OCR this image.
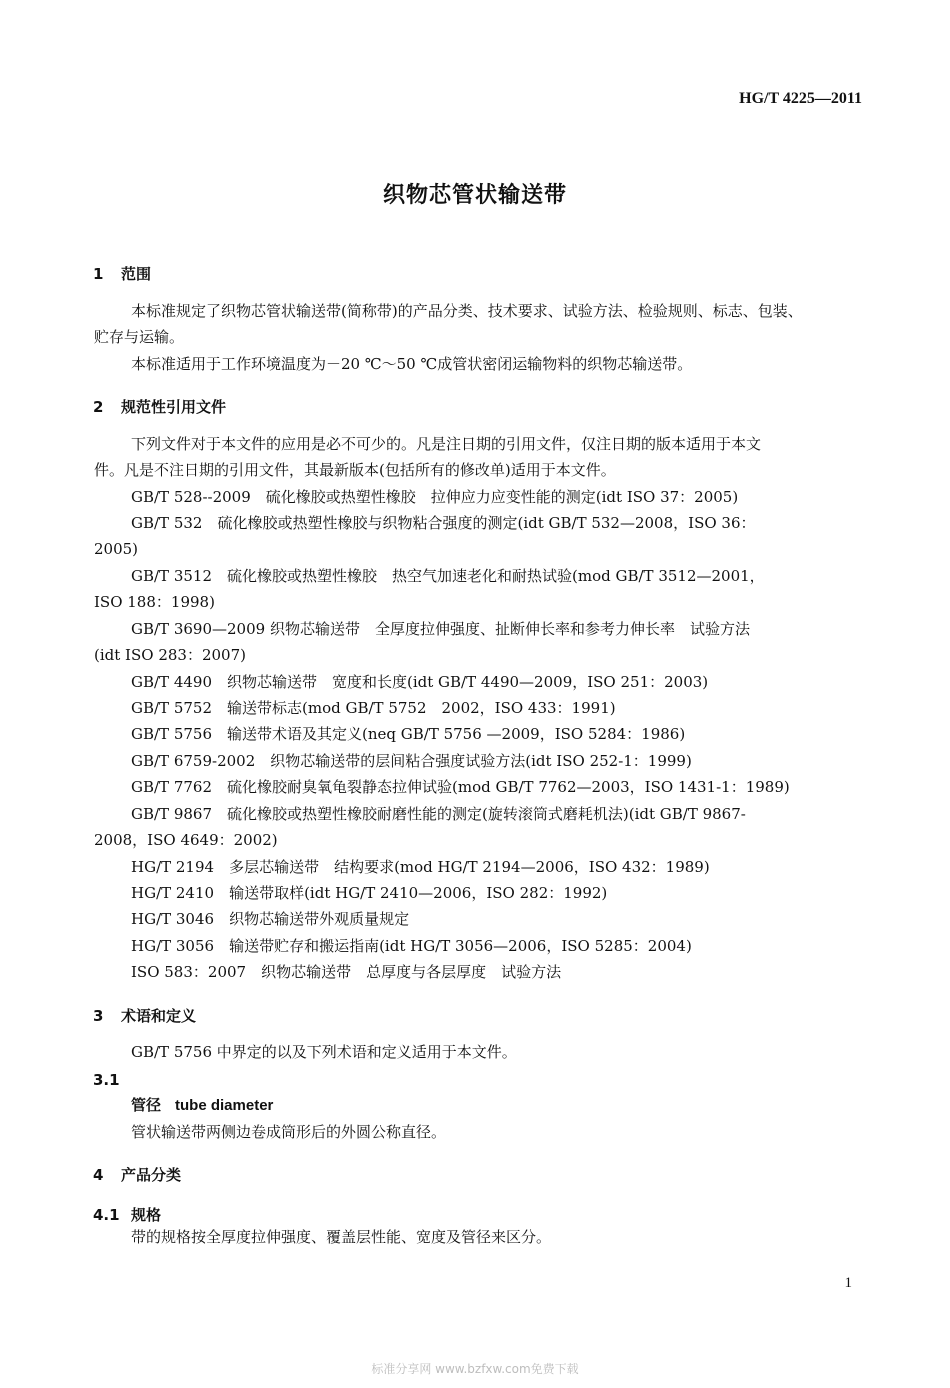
HG/T 4225—2011
织物芯管状输送带
1 范围
本标准规定了织物芯管状输送带(简称带)的产品分类、技术要求、试验方法、检验规则、标志、包装、
贮存与运输。
本标准适用于工作环境温度为－20 ℃～50 ℃成管状密闭运输物料的织物芯输送带。
2 规范性引用文件
下列文件对于本文件的应用是必不可少的。凡是注日期的引用文件，仅注日期的版本适用于本文
件。凡是不注日期的引用文件，其最新版本(包括所有的修改单)适用于本文件。
GB/T 528--2009　硫化橡胶或热塑性橡胶　拉伸应力应变性能的测定(idt ISO 37：2005)
GB/T 532　硫化橡胶或热塑性橡胶与织物粘合强度的测定(idt GB/T 532—2008，ISO 36：
2005)
GB/T 3512　硫化橡胶或热塑性橡胶　热空气加速老化和耐热试验(mod GB/T 3512—2001，
ISO 188：1998)
GB/T 3690—2009 织物芯输送带　全厚度拉伸强度、扯断伸长率和参考力伸长率　试验方法
(idt ISO 283：2007)
GB/T 4490　织物芯输送带　宽度和长度(idt GB/T 4490—2009，ISO 251：2003)
GB/T 5752　输送带标志(mod GB/T 5752　2002，ISO 433：1991)
GB/T 5756　输送带术语及其定义(neq GB/T 5756 —2009，ISO 5284：1986)
GB/T 6759-2002　织物芯输送带的层间粘合强度试验方法(idt ISO 252-1：1999)
GB/T 7762　硫化橡胶耐臭氧龟裂静态拉伸试验(mod GB/T 7762—2003，ISO 1431-1：1989)
GB/T 9867　硫化橡胶或热塑性橡胶耐磨性能的测定(旋转滚筒式磨耗机法)(idt GB/T 9867-
2008，ISO 4649：2002)
HG/T 2194　多层芯输送带　结构要求(mod HG/T 2194—2006，ISO 432：1989)
HG/T 2410　输送带取样(idt HG/T 2410—2006，ISO 282：1992)
HG/T 3046　织物芯输送带外观质量规定
HG/T 3056　输送带贮存和搬运指南(idt HG/T 3056—2006，ISO 5285：2004)
ISO 583：2007　织物芯输送带　总厚度与各层厚度　试验方法
3 术语和定义
GB/T 5756 中界定的以及下列术语和定义适用于本文件。
3.1
管径 tube diameter
管状输送带两侧边卷成筒形后的外圆公称直径。
4 产品分类
4.1 规格
带的规格按全厚度拉伸强度、覆盖层性能、宽度及管径来区分。
1
标准分享网 www.bzfxw.com免费下载
